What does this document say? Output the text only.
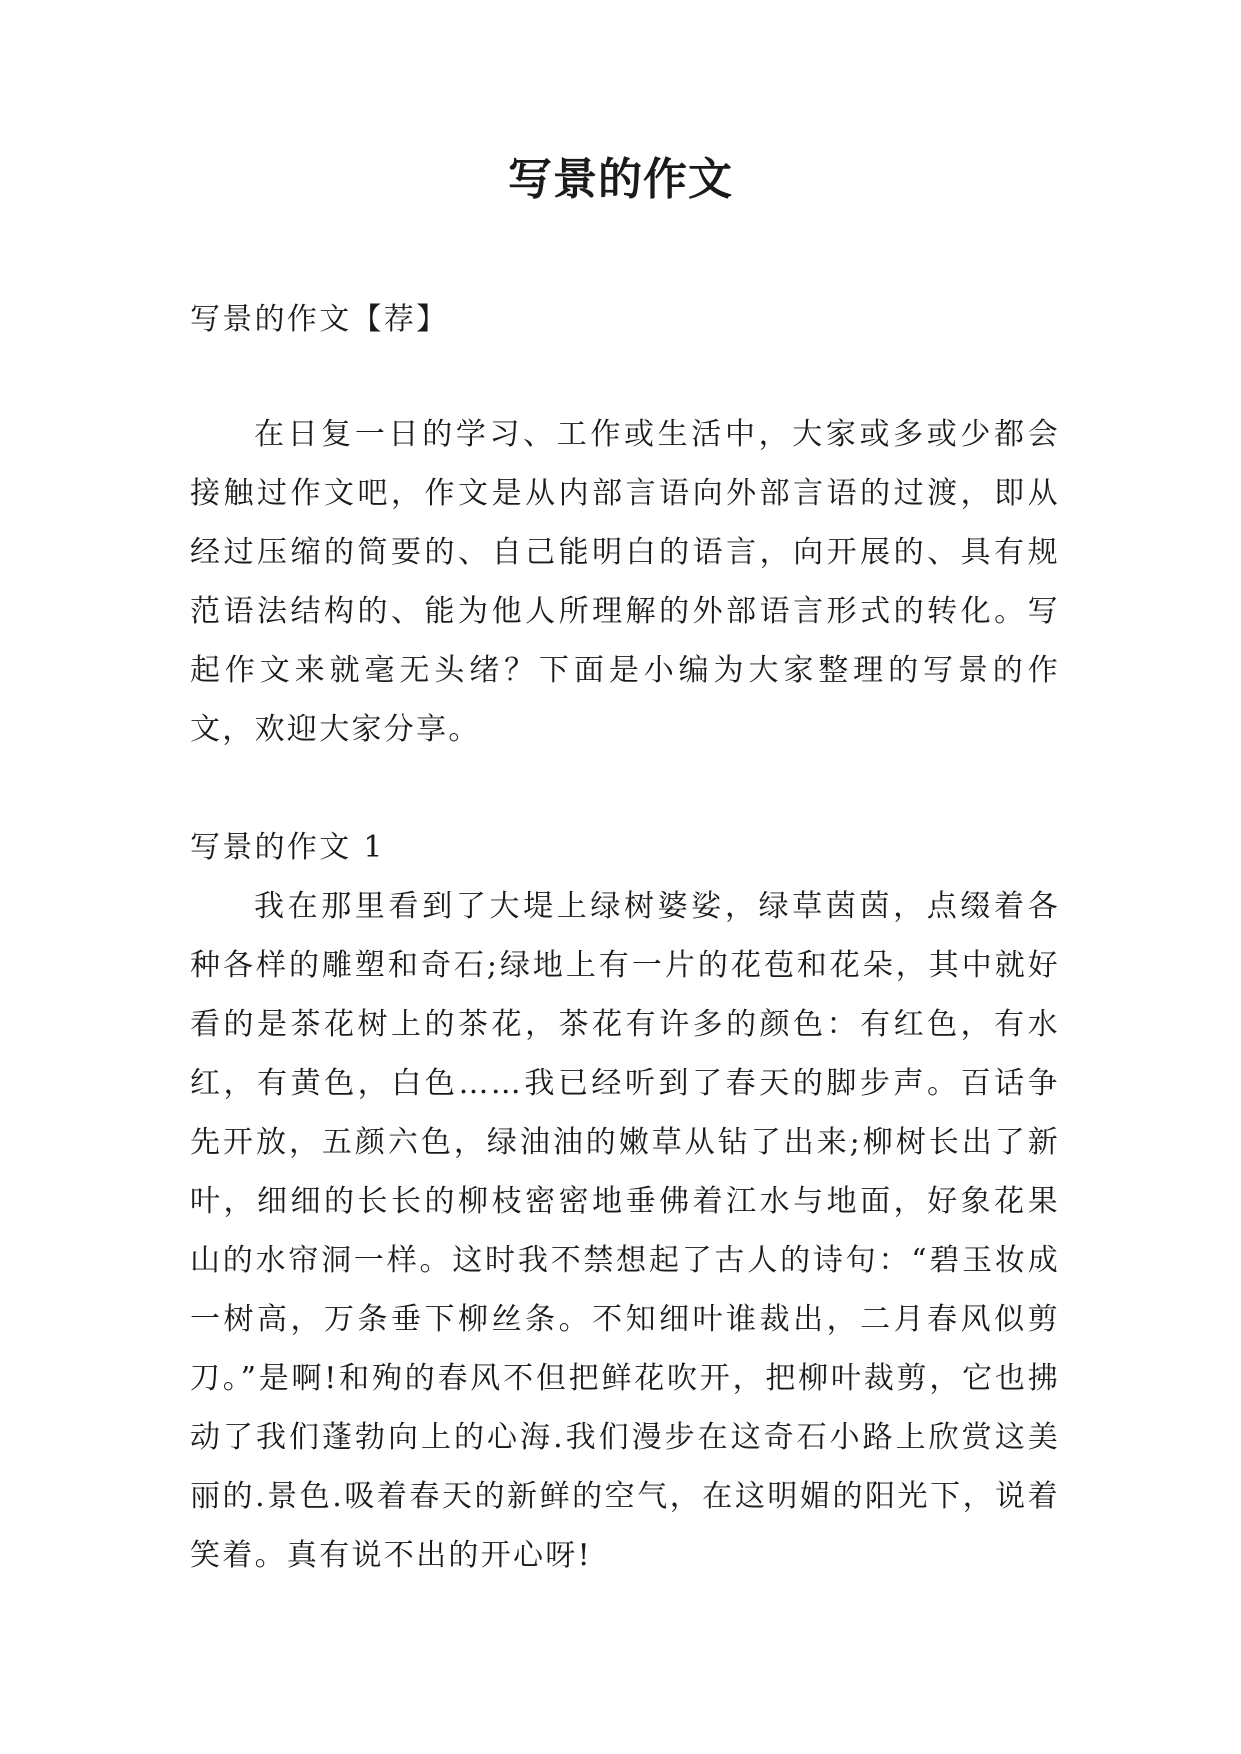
写景的作文

写景的作文【荐】

在日复一日的学习、工作或生活中，大家或多或少都会接触过作文吧，作文是从内部言语向外部言语的过渡，即从经过压缩的简要的、自己能明白的语言，向开展的、具有规范语法结构的、能为他人所理解的外部语言形式的转化。写起作文来就毫无头绪？下面是小编为大家整理的写景的作文，欢迎大家分享。

写景的作文 1

我在那里看到了大堤上绿树婆娑，绿草茵茵，点缀着各种各样的雕塑和奇石;绿地上有一片的花苞和花朵，其中就好看的是茶花树上的茶花，茶花有许多的颜色：有红色，有水红，有黄色，白色……我已经听到了春天的脚步声。百话争先开放，五颜六色，绿油油的嫩草从钻了出来;柳树长出了新叶，细细的长长的柳枝密密地垂佛着江水与地面，好象花果山的水帘洞一样。这时我不禁想起了古人的诗句：“碧玉妆成一树高，万条垂下柳丝条。不知细叶谁裁出，二月春风似剪刀。”是啊!和殉的春风不但把鲜花吹开，把柳叶裁剪，它也拂动了我们蓬勃向上的心海.我们漫步在这奇石小路上欣赏这美丽的.景色.吸着春天的新鲜的空气，在这明媚的阳光下，说着笑着。真有说不出的开心呀!
